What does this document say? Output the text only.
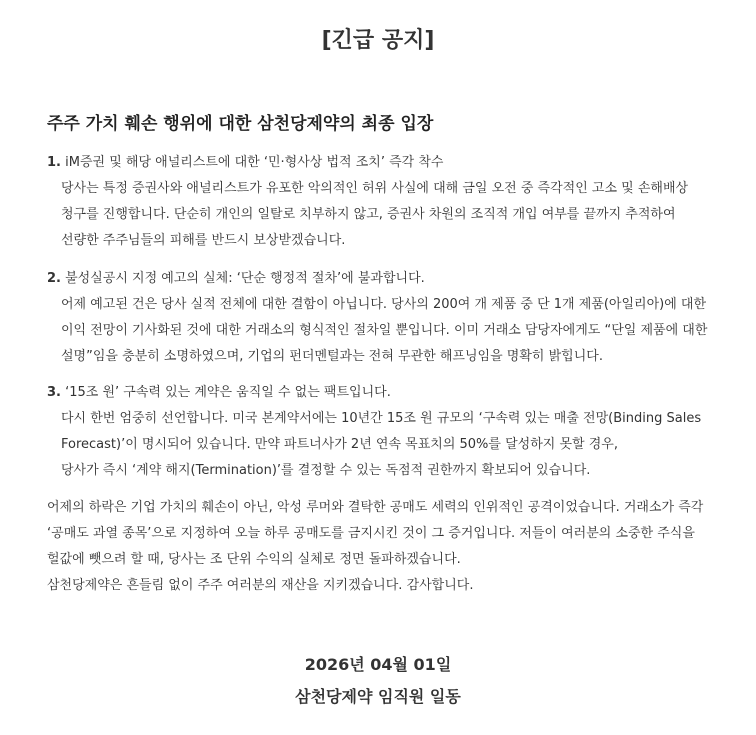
[긴급 공지]
주주 가치 훼손 행위에 대한 삼천당제약의 최종 입장
1. iM증권 및 해당 애널리스트에 대한 ‘민·형사상 법적 조치’ 즉각 착수
당사는 특정 증권사와 애널리스트가 유포한 악의적인 허위 사실에 대해 금일 오전 중 즉각적인 고소 및 손해배상
청구를 진행합니다. 단순히 개인의 일탈로 치부하지 않고, 증권사 차원의 조직적 개입 여부를 끝까지 추적하여
선량한 주주님들의 피해를 반드시 보상받겠습니다.
2. 불성실공시 지정 예고의 실체: ‘단순 행정적 절차’에 불과합니다.
어제 예고된 건은 당사 실적 전체에 대한 결함이 아닙니다. 당사의 200여 개 제품 중 단 1개 제품(아일리아)에 대한
이익 전망이 기사화된 것에 대한 거래소의 형식적인 절차일 뿐입니다. 이미 거래소 담당자에게도 “단일 제품에 대한
설명”임을 충분히 소명하였으며, 기업의 펀더멘털과는 전혀 무관한 해프닝임을 명확히 밝힙니다.
3. ‘15조 원’ 구속력 있는 계약은 움직일 수 없는 팩트입니다.
다시 한번 엄중히 선언합니다. 미국 본계약서에는 10년간 15조 원 규모의 ‘구속력 있는 매출 전망(Binding Sales
Forecast)’이 명시되어 있습니다. 만약 파트너사가 2년 연속 목표치의 50%를 달성하지 못할 경우,
당사가 즉시 ‘계약 해지(Termination)’를 결정할 수 있는 독점적 권한까지 확보되어 있습니다.
어제의 하락은 기업 가치의 훼손이 아닌, 악성 루머와 결탁한 공매도 세력의 인위적인 공격이었습니다. 거래소가 즉각
‘공매도 과열 종목’으로 지정하여 오늘 하루 공매도를 금지시킨 것이 그 증거입니다. 저들이 여러분의 소중한 주식을
헐값에 뺏으려 할 때, 당사는 조 단위 수익의 실체로 정면 돌파하겠습니다.
삼천당제약은 흔들림 없이 주주 여러분의 재산을 지키겠습니다. 감사합니다.
2026년 04월 01일
삼천당제약 임직원 일동
